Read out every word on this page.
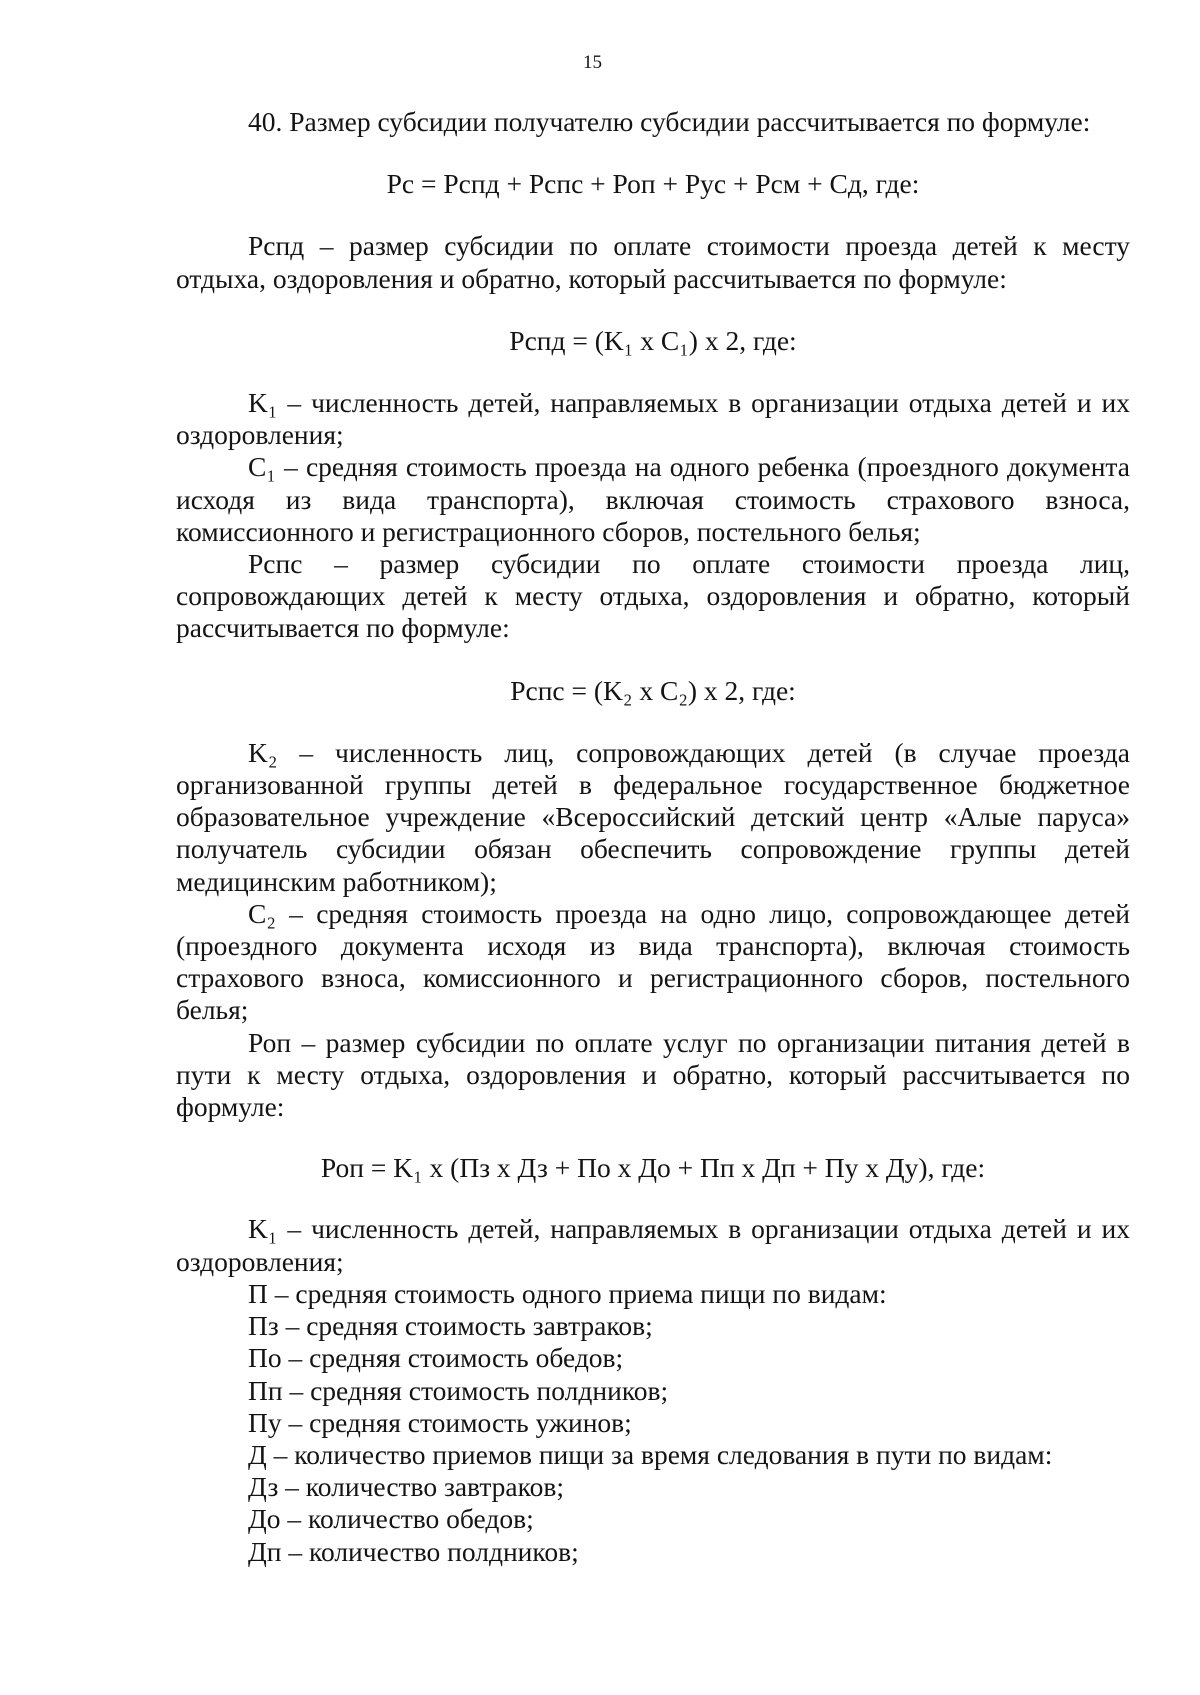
15

40. Размер субсидии получателю субсидии рассчитывается по формуле:

Рс = Рспд + Рспс + Роп + Рус + Рсм + Сд, где:

Рспд – размер субсидии по оплате стоимости проезда детей к месту отдыха, оздоровления и обратно, который рассчитывается по формуле:

Рспд = (K₁ x C₁) x 2, где:

K₁ – численность детей, направляемых в организации отдыха детей и их оздоровления;

C₁ – средняя стоимость проезда на одного ребенка (проездного документа исходя из вида транспорта), включая стоимость страхового взноса, комиссионного и регистрационного сборов, постельного белья;

Рспс – размер субсидии по оплате стоимости проезда лиц, сопровождающих детей к месту отдыха, оздоровления и обратно, который рассчитывается по формуле:

Рспс = (K₂ x C₂) x 2, где:

K₂ – численность лиц, сопровождающих детей (в случае проезда организованной группы детей в федеральное государственное бюджетное образовательное учреждение «Всероссийский детский центр «Алые паруса» получатель субсидии обязан обеспечить сопровождение группы детей медицинским работником);

C₂ – средняя стоимость проезда на одно лицо, сопровождающее детей (проездного документа исходя из вида транспорта), включая стоимость страхового взноса, комиссионного и регистрационного сборов, постельного белья;

Роп – размер субсидии по оплате услуг по организации питания детей в пути к месту отдыха, оздоровления и обратно, который рассчитывается по формуле:

Роп = K₁ x (Пз x Дз + По x До + Пп x Дп + Пу x Ду), где:

K₁ – численность детей, направляемых в организации отдыха детей и их оздоровления;

П – средняя стоимость одного приема пищи по видам:

Пз – средняя стоимость завтраков;

По – средняя стоимость обедов;

Пп – средняя стоимость полдников;

Пу – средняя стоимость ужинов;

Д – количество приемов пищи за время следования в пути по видам:

Дз – количество завтраков;

До – количество обедов;

Дп – количество полдников;
